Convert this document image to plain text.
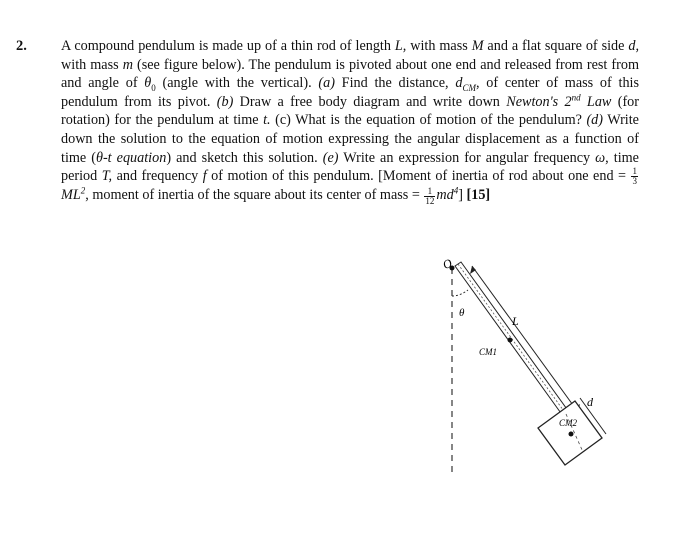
2. A compound pendulum is made up of a thin rod of length L, with mass M and a flat square of side d, with mass m (see figure below). The pendulum is pivoted about one end and released from rest from and angle of $\theta_0$ (angle with the vertical). (a) Find the distance, $d_{CM}$, of center of mass of this pendulum from its pivot. (b) Draw a free body diagram and write down Newton's 2nd Law (for rotation) for the pendulum at time t. (c) What is the equation of motion of the pendulum? (d) Write down the solution to the equation of motion expressing the angular displacement as a function of time (θ-t equation) and sketch this solution. (e) Write an expression for angular frequency ω, time period T, and frequency f of motion of this pendulum. [Moment of inertia of rod about one end = $\frac{1}{3}$
$ML^2$, moment of inertia of the square about its center of mass = $\frac{1}{12} md^4$] [15]
O
L
θ
CM1
CM2
d
